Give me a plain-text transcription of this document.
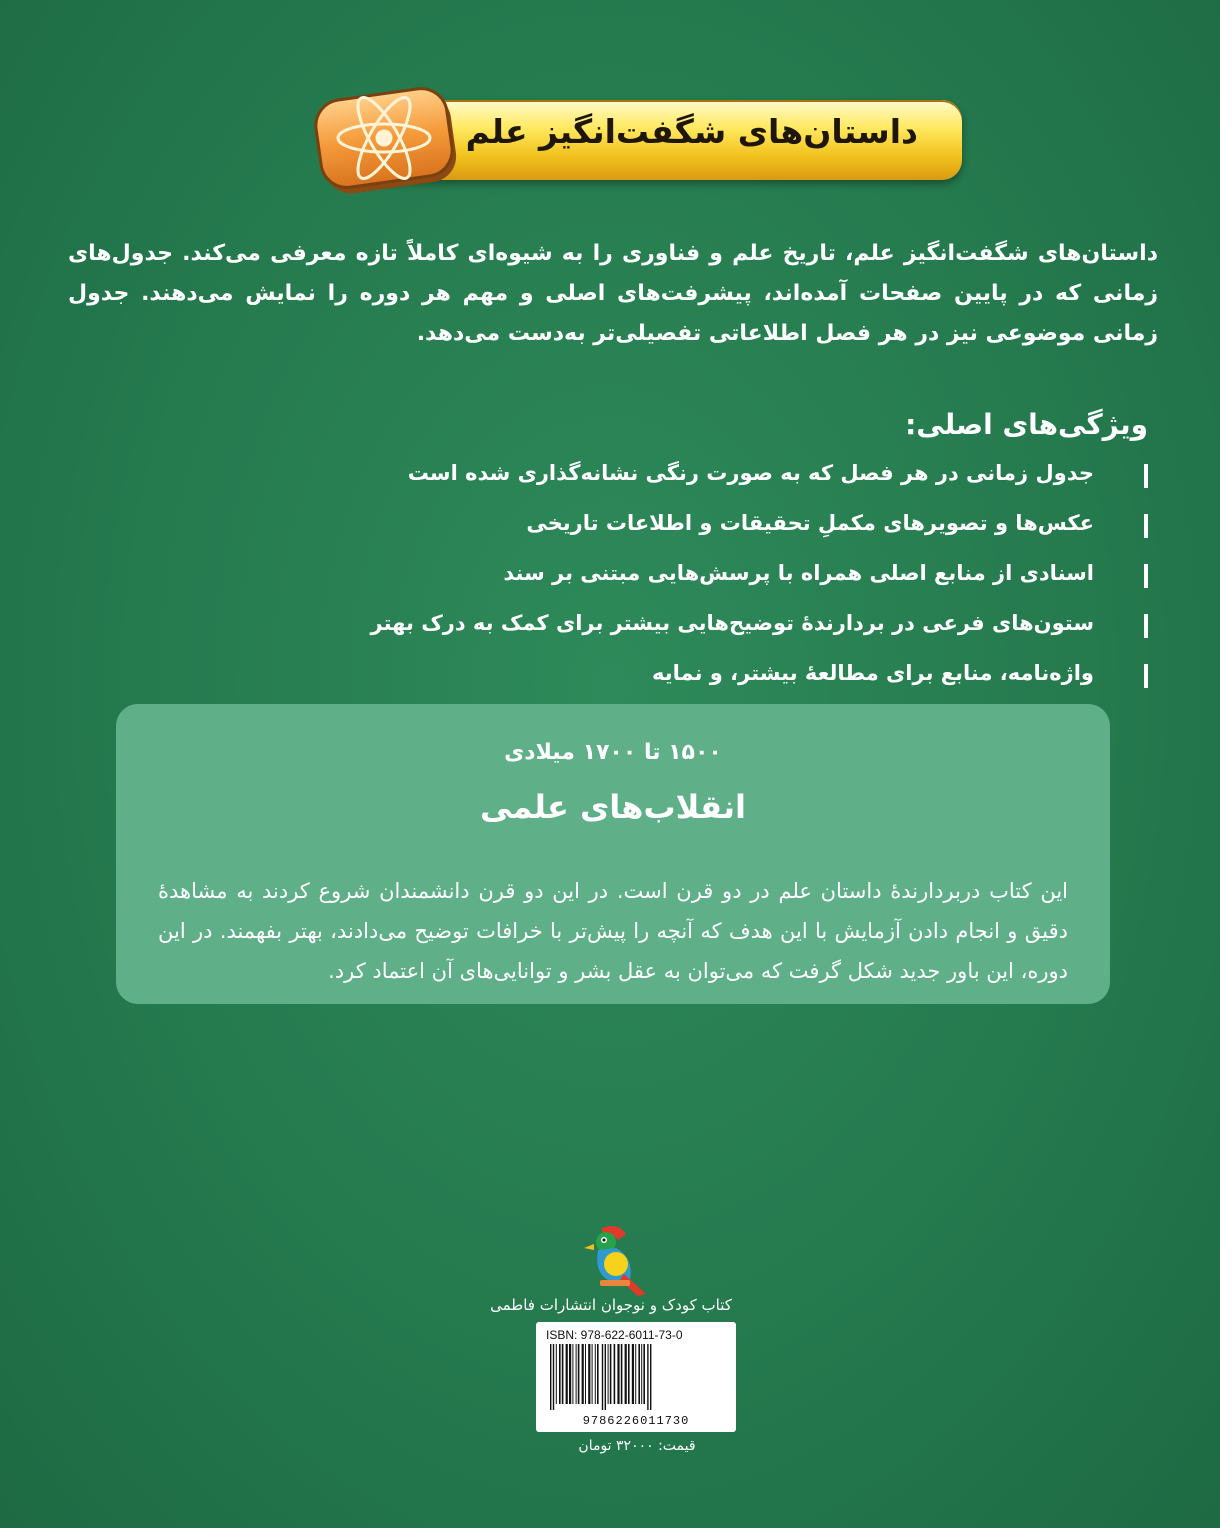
داستان‌های شگفت‌انگیز علم

داستان‌های شگفت‌انگیز علم، تاریخ علم و فناوری را به شیوه‌ای کاملاً تازه معرفی می‌کند. جدول‌های زمانی که در پایین صفحات آمده‌اند، پیشرفت‌های اصلی و مهم هر دوره را نمایش می‌دهند. جدول زمانی موضوعی نیز در هر فصل اطلاعاتی تفصیلی‌تر به‌دست می‌دهد.

ویژگی‌های اصلی:
جدول زمانی در هر فصل که به صورت رنگی نشانه‌گذاری شده است
عکس‌ها و تصویرهای مکملِ تحقیقات و اطلاعات تاریخی
اسنادی از منابع اصلی همراه با پرسش‌هایی مبتنی بر سند
ستون‌های فرعی در بردارندهٔ توضیح‌هایی بیشتر برای کمک به درک بهتر
واژه‌نامه، منابع برای مطالعهٔ بیشتر، و نمایه
۱۵۰۰ تا ۱۷۰۰ میلادی
انقلاب‌های علمی

این کتاب دربردارندهٔ داستان علم در دو قرن است. در این دو قرن دانشمندان شروع کردند به مشاهدهٔ دقیق و انجام دادن آزمایش با این هدف که آنچه را پیش‌تر با خرافات توضیح می‌دادند، بهتر بفهمند. در این دوره، این باور جدید شکل گرفت که می‌توان به عقل بشر و توانایی‌های آن اعتماد کرد.

کتاب کودک و نوجوان انتشارات فاطمی
ISBN: 978-622-6011-73-0
9786226011730
قیمت: ۳۲۰۰۰ تومان
